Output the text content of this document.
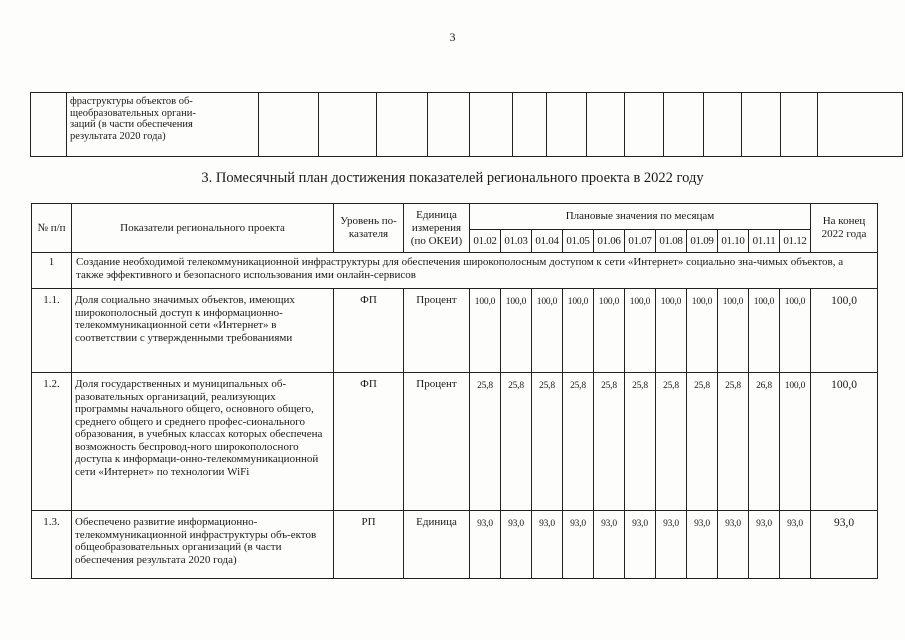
3

фраструктуры объектов об-
щеобразовательных органи-
заций (в части обеспечения
результата 2020 года)

3. Помесячный план достижения показателей регионального проекта в 2022 году
№ п/п	Показатели регионального проекта	Уровень по-казателя	Единица измерения (по ОКЕИ)	Плановые значения по месяцам											На конец 2022 года
				01.02	01.03	01.04	01.05	01.06	01.07	01.08	01.09	01.10	01.11	01.12	
1	Создание необходимой телекоммуникационной инфраструктуры для обеспечения широкополосным доступом к сети «Интернет» социально зна-чимых объектов, а также эффективного и безопасного использования ими онлайн-сервисов														
1.1.	Доля социально значимых объектов, имеющих широкополосный доступ к информационно-телекоммуникационной сети «Интернет» в соответствии с утвержденными требованиями	ФП	Процент	100,0	100,0	100,0	100,0	100,0	100,0	100,0	100,0	100,0	100,0	100,0	100,0
1.2.	Доля государственных и муниципальных об-разовательных организаций, реализующих программы начального общего, основного общего, среднего общего и среднего профес-сионального образования, в учебных классах которых обеспечена возможность беспровод-ного широкополосного доступа к информаци-онно-телекоммуникационной сети «Интернет» по технологии WiFi	ФП	Процент	25,8	25,8	25,8	25,8	25,8	25,8	25,8	25,8	25,8	26,8	100,0	100,0
1.3.	Обеспечено развитие информационно-телекоммуникационной инфраструктуры объ-ектов общеобразовательных организаций (в части обеспечения результата 2020 года)	РП	Единица	93,0	93,0	93,0	93,0	93,0	93,0	93,0	93,0	93,0	93,0	93,0	93,0
